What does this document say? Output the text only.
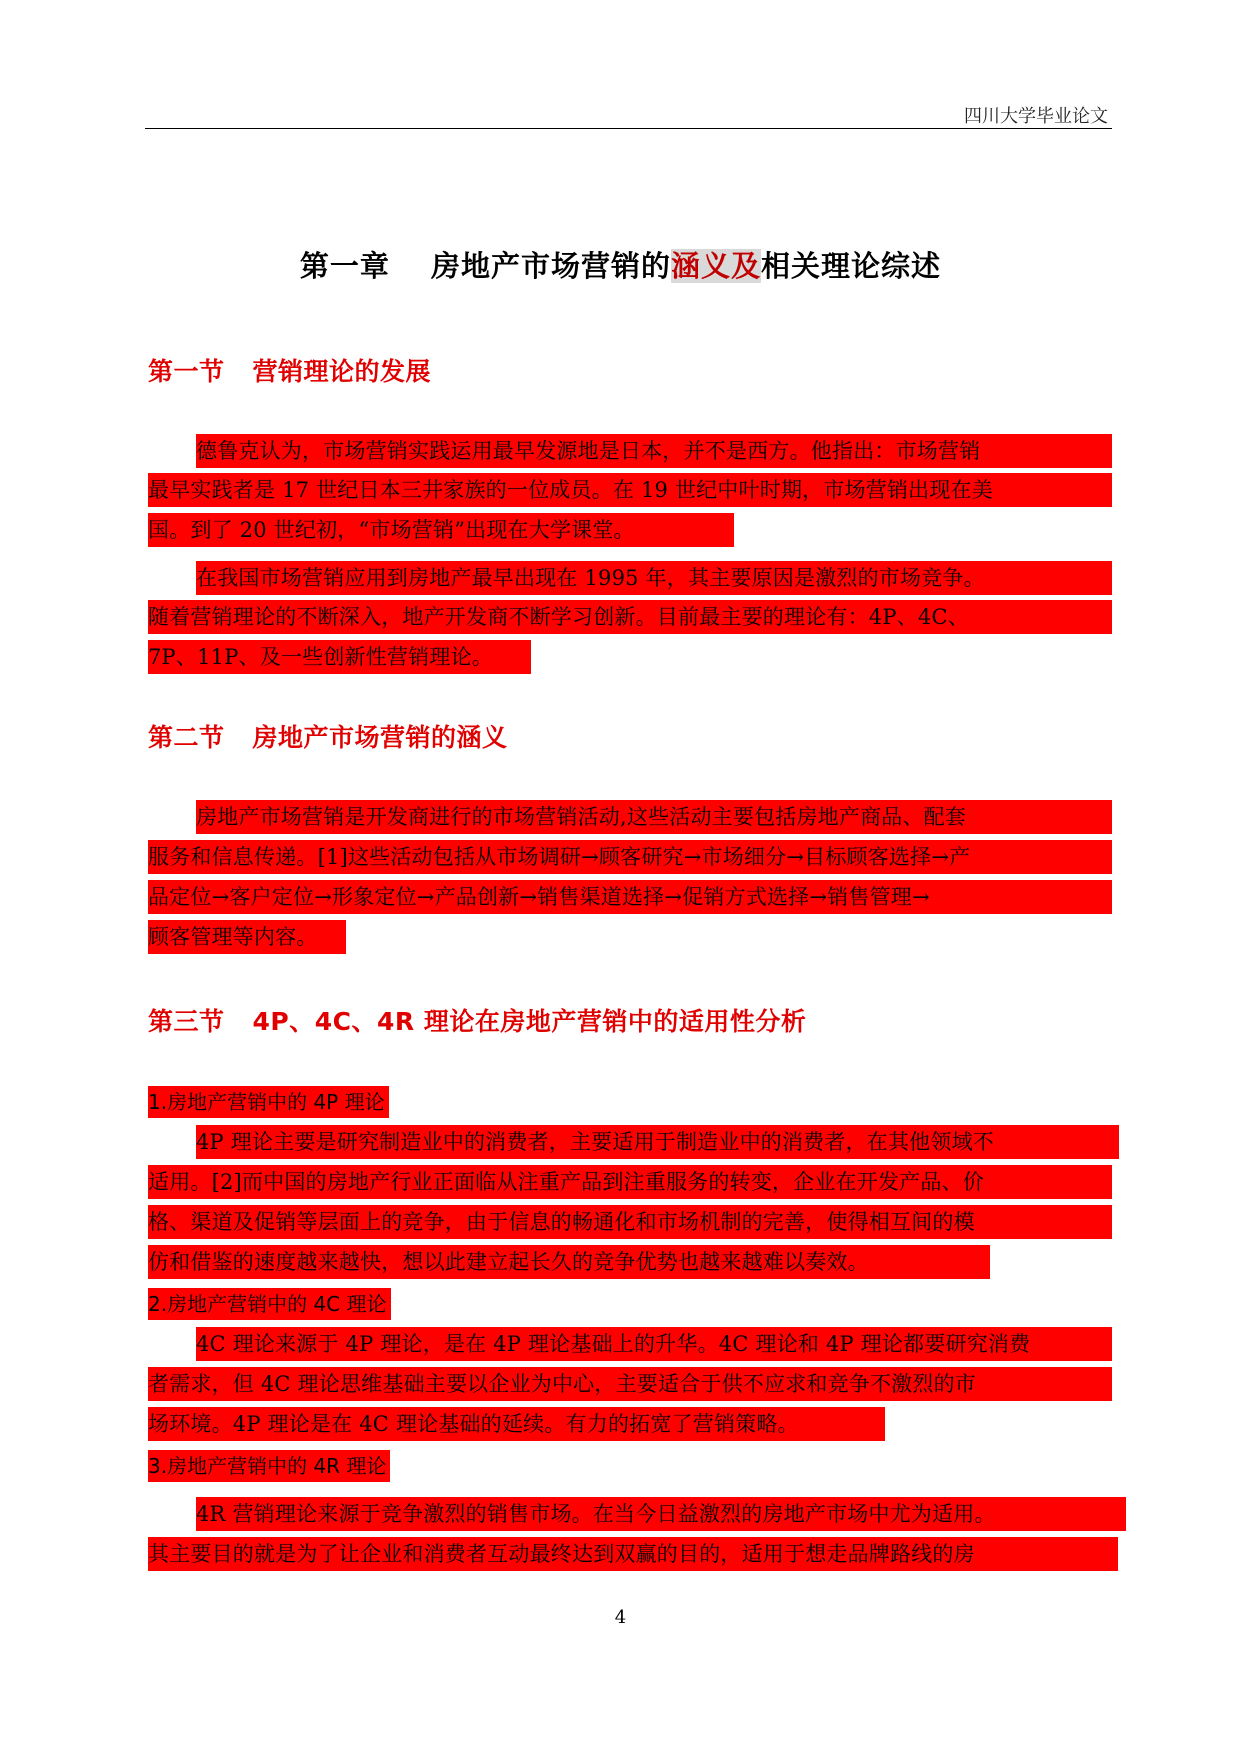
四川大学毕业论文
第一章　 房地产市场营销的涵义及相关理论综述
第一节 营销理论的发展
德鲁克认为，市场营销实践运用最早发源地是日本，并不是西方。他指出：市场营销
最早实践者是 17 世纪日本三井家族的一位成员。在 19 世纪中叶时期，市场营销出现在美
国。到了 20 世纪初，“市场营销”出现在大学课堂。
在我国市场营销应用到房地产最早出现在 1995 年，其主要原因是激烈的市场竞争。
随着营销理论的不断深入，地产开发商不断学习创新。目前最主要的理论有：4P、4C、
7P、11P、及一些创新性营销理论。
第二节 房地产市场营销的涵义
房地产市场营销是开发商进行的市场营销活动,这些活动主要包括房地产商品、配套
服务和信息传递。[1]这些活动包括从市场调研→顾客研究→市场细分→目标顾客选择→产
品定位→客户定位→形象定位→产品创新→销售渠道选择→促销方式选择→销售管理→
顾客管理等内容。
第三节 4P、4C、4R 理论在房地产营销中的适用性分析
1.房地产营销中的 4P 理论
4P 理论主要是研究制造业中的消费者，主要适用于制造业中的消费者，在其他领域不
适用。[2]而中国的房地产行业正面临从注重产品到注重服务的转变，企业在开发产品、价
格、渠道及促销等层面上的竞争，由于信息的畅通化和市场机制的完善，使得相互间的模
仿和借鉴的速度越来越快，想以此建立起长久的竞争优势也越来越难以奏效。
2.房地产营销中的 4C 理论
4C 理论来源于 4P 理论，是在 4P 理论基础上的升华。4C 理论和 4P 理论都要研究消费
者需求，但 4C 理论思维基础主要以企业为中心，主要适合于供不应求和竞争不激烈的市
场环境。4P 理论是在 4C 理论基础的延续。有力的拓宽了营销策略。
3.房地产营销中的 4R 理论
4R 营销理论来源于竞争激烈的销售市场。在当今日益激烈的房地产市场中尤为适用。
其主要目的就是为了让企业和消费者互动最终达到双赢的目的，适用于想走品牌路线的房
4
